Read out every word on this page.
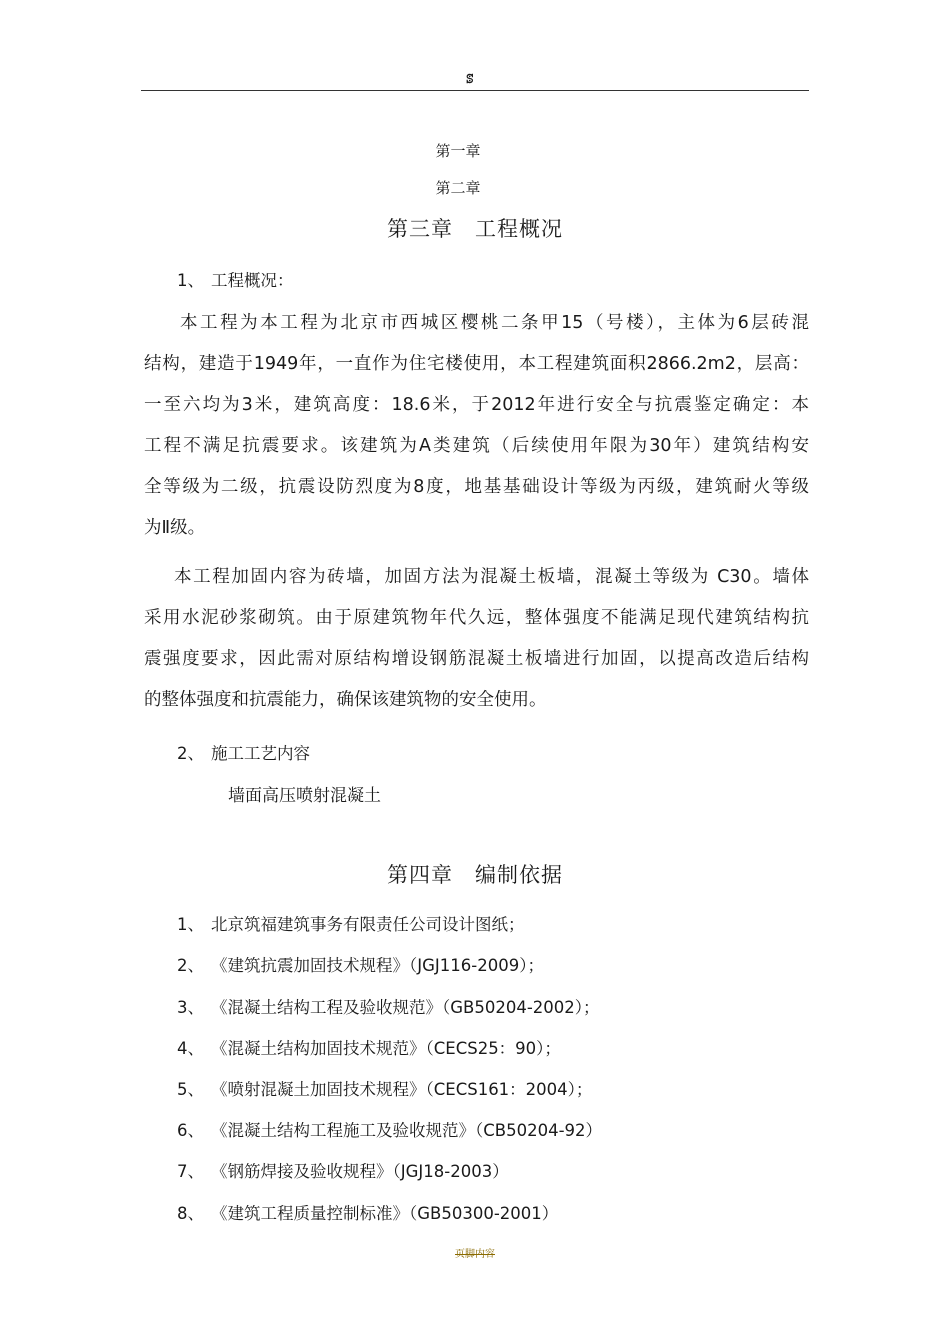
ꕷ
第一章
第二章
第三章　工程概况
1、 工程概况：

本工程为本工程为北京市西城区樱桃二条甲15（号楼），主体为6层砖混

结构，建造于1949年，一直作为住宅楼使用，本工程建筑面积2866.2m2，层高：

一至六均为3米，建筑高度：18.6米，于2012年进行安全与抗震鉴定确定：本

工程不满足抗震要求。该建筑为A类建筑（后续使用年限为30年）建筑结构安

全等级为二级，抗震设防烈度为8度，地基基础设计等级为丙级，建筑耐火等级

为Ⅱ级。

本工程加固内容为砖墙，加固方法为混凝土板墙，混凝土等级为 C30。墙体

采用水泥砂浆砌筑。由于原建筑物年代久远，整体强度不能满足现代建筑结构抗

震强度要求，因此需对原结构增设钢筋混凝土板墙进行加固，以提高改造后结构

的整体强度和抗震能力，确保该建筑物的安全使用。

2、 施工工艺内容
墙面高压喷射混凝土
第四章　编制依据
1、 北京筑福建筑事务有限责任公司设计图纸；
2、 《建筑抗震加固技术规程》（JGJ116-2009）；
3、 《混凝土结构工程及验收规范》（GB50204-2002）；
4、 《混凝土结构加固技术规范》（CECS25：90）；
5、 《喷射混凝土加固技术规程》（CECS161：2004）；
6、 《混凝土结构工程施工及验收规范》（CB50204-92）
7、 《钢筋焊接及验收规程》（JGJ18-2003）
8、 《建筑工程质量控制标准》（GB50300-2001）
页脚内容
